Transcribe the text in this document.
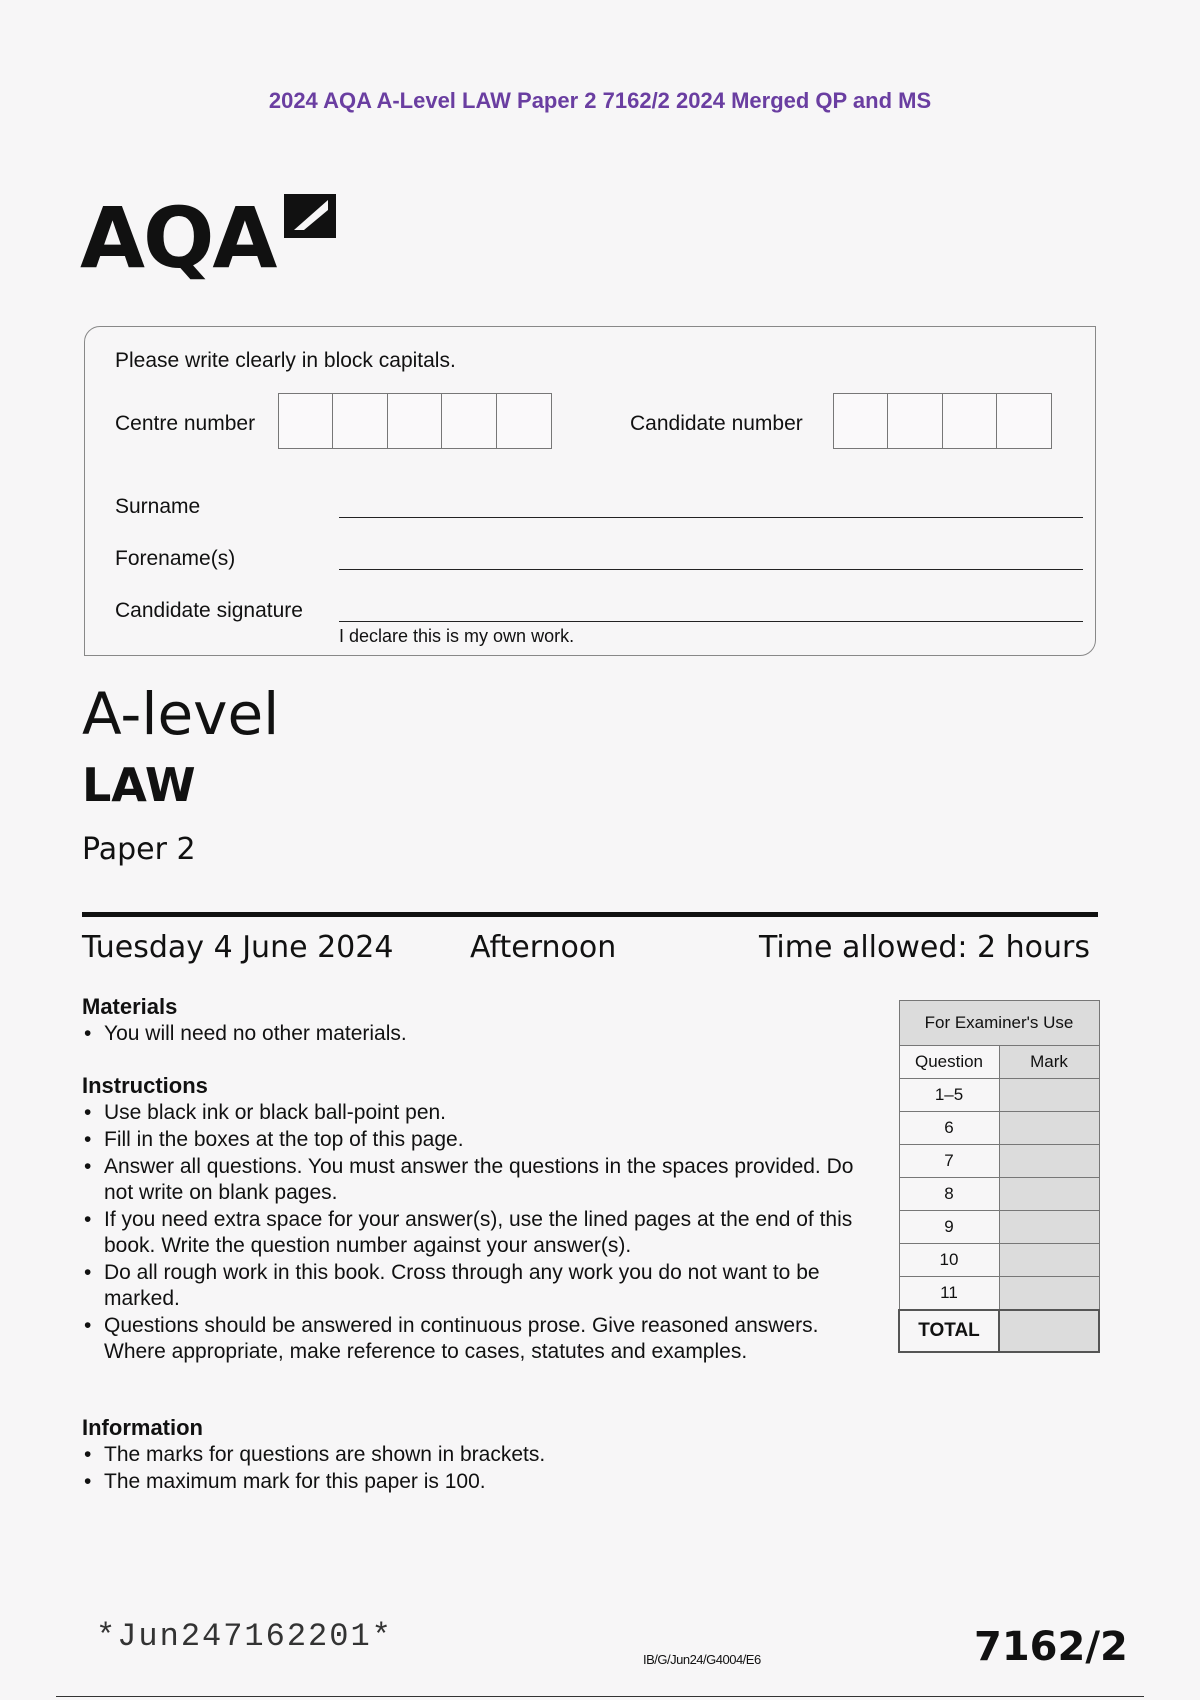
2024 AQA A-Level LAW Paper 2 7162/2 2024 Merged QP and MS
AQA
Please write clearly in block capitals.
Centre number	Candidate number
Surname
Forename(s)
Candidate signature
I declare this is my own work.
A-level
LAW
Paper 2
Tuesday 4 June 2024	Afternoon	Time allowed: 2 hours
Materials
• You will need no other materials.
Instructions
• Use black ink or black ball-point pen.
• Fill in the boxes at the top of this page.
• Answer all questions. You must answer the questions in the spaces provided. Do not write on blank pages.
• If you need extra space for your answer(s), use the lined pages at the end of this book. Write the question number against your answer(s).
• Do all rough work in this book. Cross through any work you do not want to be marked.
• Questions should be answered in continuous prose. Give reasoned answers. Where appropriate, make reference to cases, statutes and examples.
Information
• The marks for questions are shown in brackets.
• The maximum mark for this paper is 100.
For Examiner's Use	
Question	Mark
1–5	
6	
7	
8	
9	
10	
11	
TOTAL	
*Jun247162201*
IB/G/Jun24/G4004/E6	7162/2
